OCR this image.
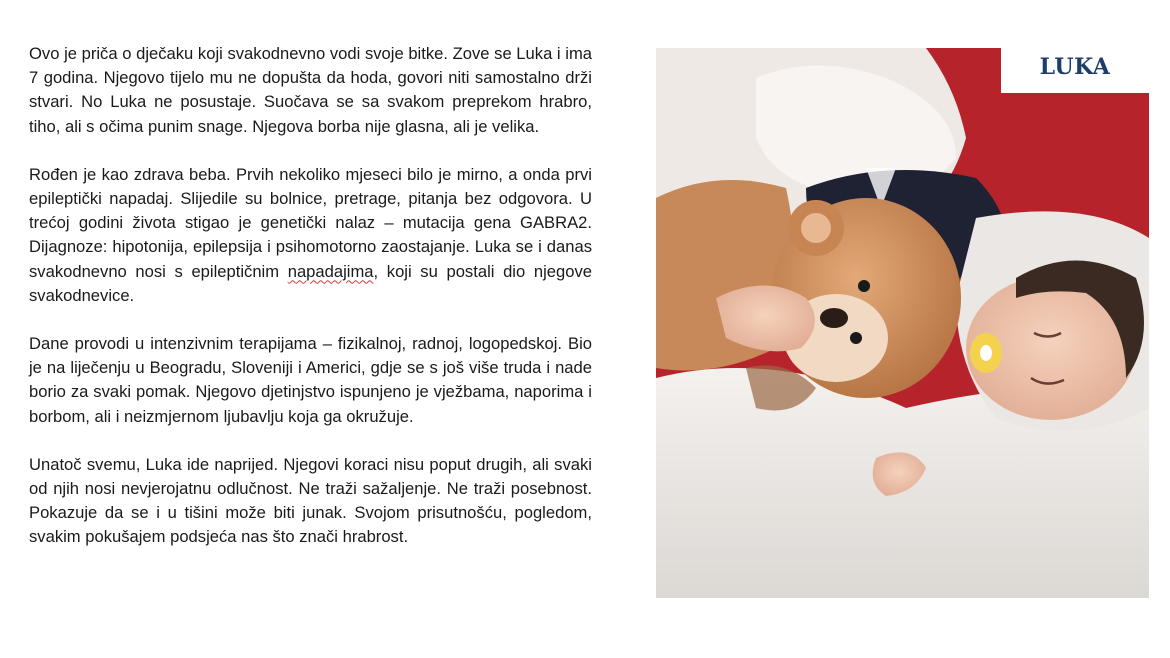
Ovo je priča o dječaku koji svakodnevno vodi svoje bitke. Zove se Luka i ima 7 godina. Njegovo tijelo mu ne dopušta da hoda, govori niti samostalno drži stvari. No Luka ne posustaje. Suočava se sa svakom preprekom hrabro, tiho, ali s očima punim snage. Njegova borba nije glasna, ali je velika.

Rođen je kao zdrava beba. Prvih nekoliko mjeseci bilo je mirno, a onda prvi epileptički napadaj. Slijedile su bolnice, pretrage, pitanja bez odgovora. U trećoj godini života stigao je genetički nalaz – mutacija gena GABRA2. Dijagnoze: hipotonija, epilepsija i psihomotorno zaostajanje. Luka se i danas svakodnevno nosi s epileptičnim napadajima, koji su postali dio njegove svakodnevice.

Dane provodi u intenzivnim terapijama – fizikalnoj, radnoj, logopedskoj. Bio je na liječenju u Beogradu, Sloveniji i Americi, gdje se s još više truda i nade borio za svaki pomak. Njegovo djetinjstvo ispunjeno je vježbama, naporima i borbom, ali i neizmjernom ljubavlju koja ga okružuje.

Unatoč svemu, Luka ide naprijed. Njegovi koraci nisu poput drugih, ali svaki od njih nosi nevjerojatnu odlučnost. Ne traži sažaljenje. Ne traži posebnost. Pokazuje da se i u tišini može biti junak. Svojom prisutnošću, pogledom, svakim pokušajem podsjeća nas što znači hrabrost.

LUKA
